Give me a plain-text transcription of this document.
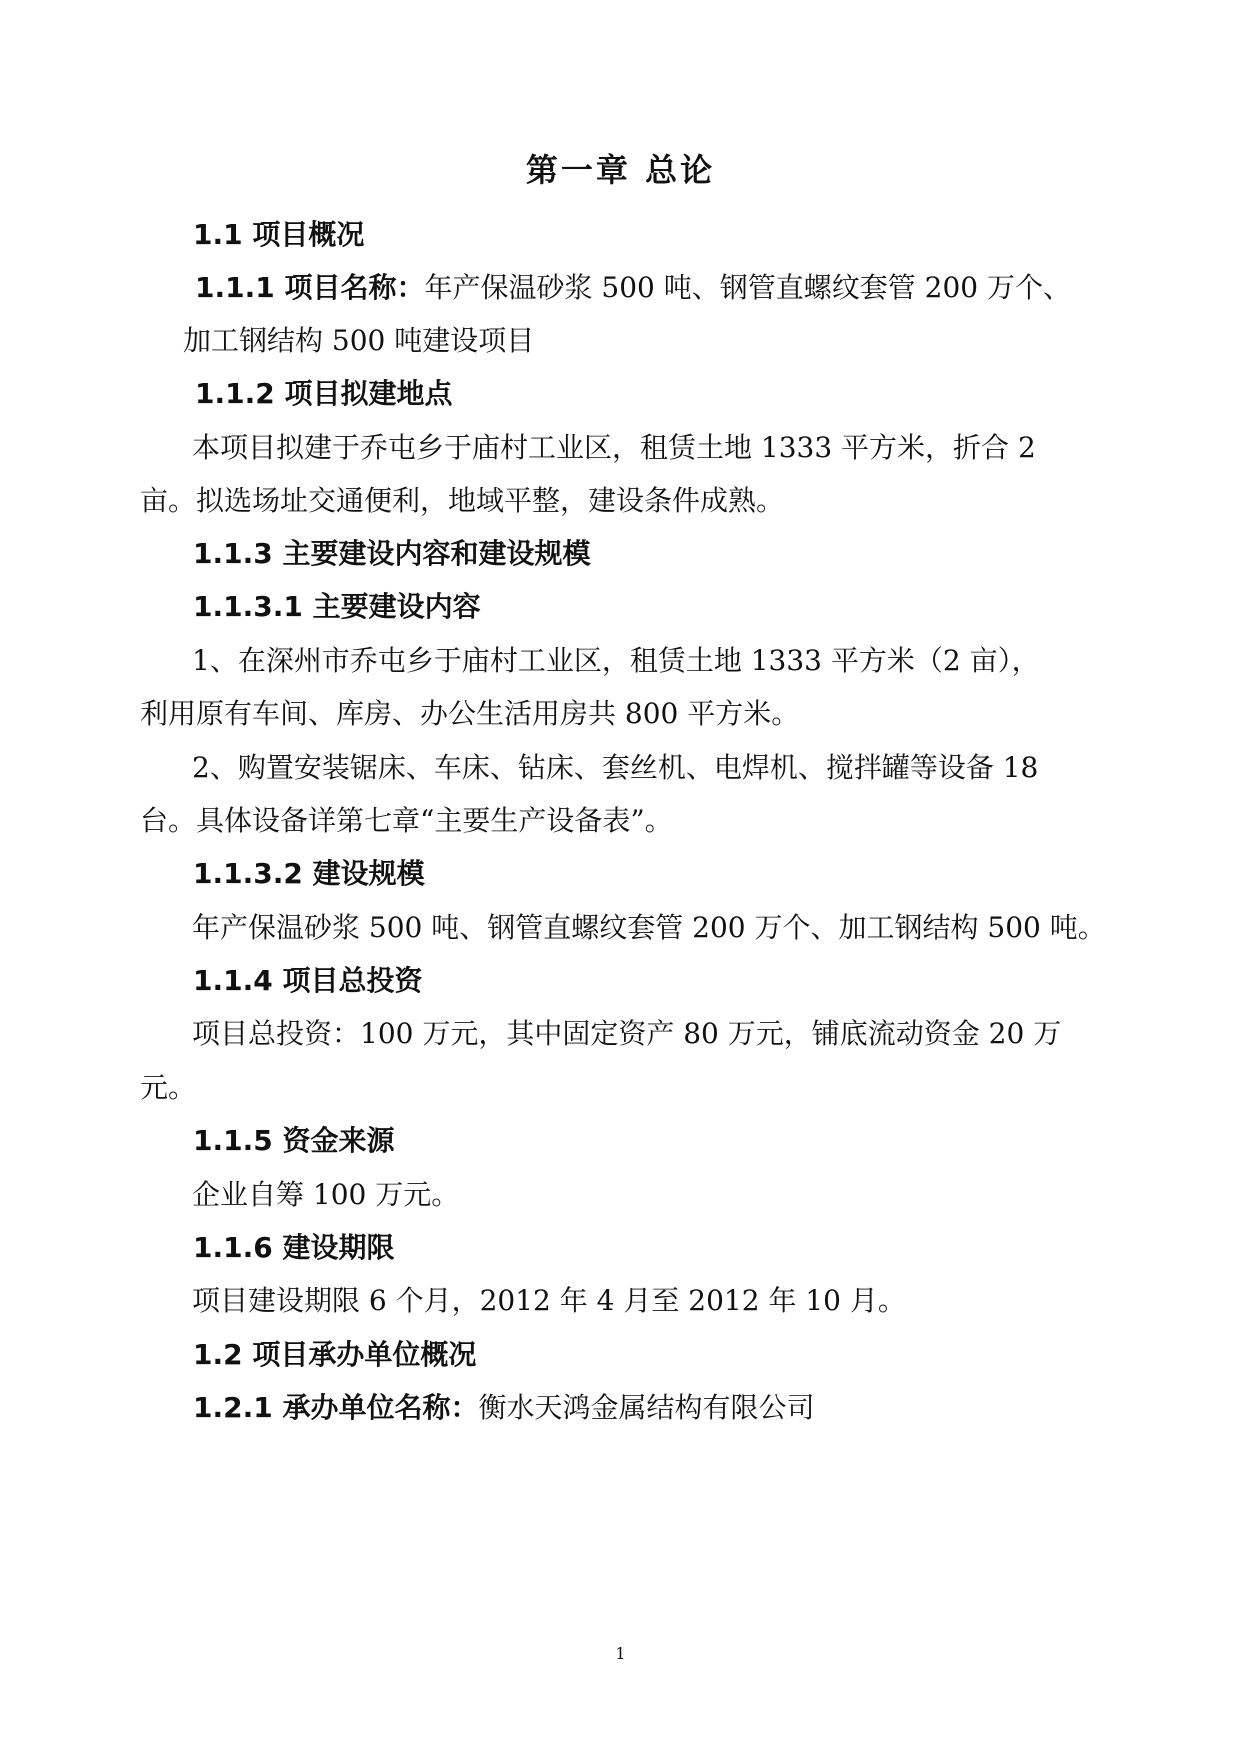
第一章 总论
1.1 项目概况
1.1.1 项目名称：年产保温砂浆 500 吨、钢管直螺纹套管 200 万个、
加工钢结构 500 吨建设项目
1.1.2 项目拟建地点
本项目拟建于乔屯乡于庙村工业区，租赁土地 1333 平方米，折合 2
亩。拟选场址交通便利，地域平整，建设条件成熟。
1.1.3 主要建设内容和建设规模
1.1.3.1 主要建设内容
1、在深州市乔屯乡于庙村工业区，租赁土地 1333 平方米（2 亩），
利用原有车间、库房、办公生活用房共 800 平方米。
2、购置安装锯床、车床、钻床、套丝机、电焊机、搅拌罐等设备 18
台。具体设备详第七章“主要生产设备表”。
1.1.3.2 建设规模
年产保温砂浆 500 吨、钢管直螺纹套管 200 万个、加工钢结构 500 吨。
1.1.4 项目总投资
项目总投资：100 万元，其中固定资产 80 万元，铺底流动资金 20 万
元。
1.1.5 资金来源
企业自筹 100 万元。
1.1.6 建设期限
项目建设期限 6 个月，2012 年 4 月至 2012 年 10 月。
1.2 项目承办单位概况
1.2.1 承办单位名称：衡水天鸿金属结构有限公司
1
